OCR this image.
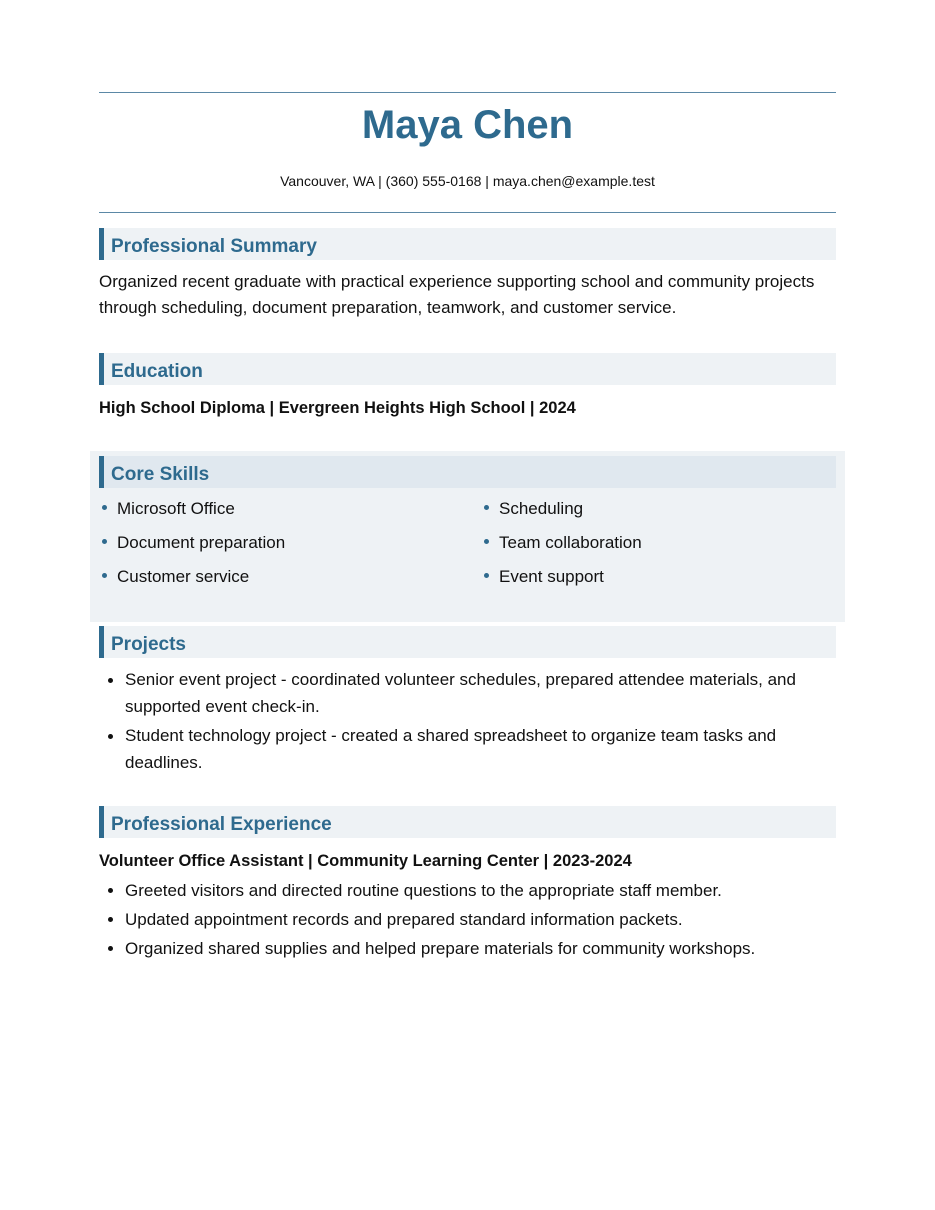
Maya Chen
Vancouver, WA | (360) 555-0168 | maya.chen@example.test
Professional Summary
Organized recent graduate with practical experience supporting school and community projects through scheduling, document preparation, teamwork, and customer service.
Education
High School Diploma | Evergreen Heights High School | 2024
Core Skills
Microsoft Office	Scheduling
Document preparation	Team collaboration
Customer service	Event support
Projects
Senior event project - coordinated volunteer schedules, prepared attendee materials, and supported event check-in.
Student technology project - created a shared spreadsheet to organize team tasks and deadlines.
Professional Experience
Volunteer Office Assistant | Community Learning Center | 2023-2024
Greeted visitors and directed routine questions to the appropriate staff member.
Updated appointment records and prepared standard information packets.
Organized shared supplies and helped prepare materials for community workshops.
